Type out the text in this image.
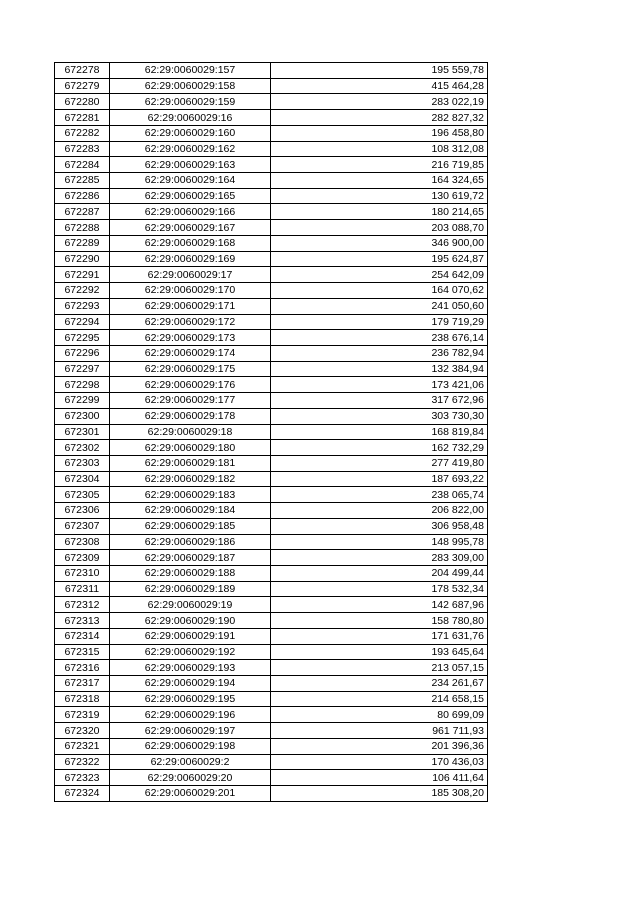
672278	62:29:0060029:157	195 559,78
672279	62:29:0060029:158	415 464,28
672280	62:29:0060029:159	283 022,19
672281	62:29:0060029:16	282 827,32
672282	62:29:0060029:160	196 458,80
672283	62:29:0060029:162	108 312,08
672284	62:29:0060029:163	216 719,85
672285	62:29:0060029:164	164 324,65
672286	62:29:0060029:165	130 619,72
672287	62:29:0060029:166	180 214,65
672288	62:29:0060029:167	203 088,70
672289	62:29:0060029:168	346 900,00
672290	62:29:0060029:169	195 624,87
672291	62:29:0060029:17	254 642,09
672292	62:29:0060029:170	164 070,62
672293	62:29:0060029:171	241 050,60
672294	62:29:0060029:172	179 719,29
672295	62:29:0060029:173	238 676,14
672296	62:29:0060029:174	236 782,94
672297	62:29:0060029:175	132 384,94
672298	62:29:0060029:176	173 421,06
672299	62:29:0060029:177	317 672,96
672300	62:29:0060029:178	303 730,30
672301	62:29:0060029:18	168 819,84
672302	62:29:0060029:180	162 732,29
672303	62:29:0060029:181	277 419,80
672304	62:29:0060029:182	187 693,22
672305	62:29:0060029:183	238 065,74
672306	62:29:0060029:184	206 822,00
672307	62:29:0060029:185	306 958,48
672308	62:29:0060029:186	148 995,78
672309	62:29:0060029:187	283 309,00
672310	62:29:0060029:188	204 499,44
672311	62:29:0060029:189	178 532,34
672312	62:29:0060029:19	142 687,96
672313	62:29:0060029:190	158 780,80
672314	62:29:0060029:191	171 631,76
672315	62:29:0060029:192	193 645,64
672316	62:29:0060029:193	213 057,15
672317	62:29:0060029:194	234 261,67
672318	62:29:0060029:195	214 658,15
672319	62:29:0060029:196	80 699,09
672320	62:29:0060029:197	961 711,93
672321	62:29:0060029:198	201 396,36
672322	62:29:0060029:2	170 436,03
672323	62:29:0060029:20	106 411,64
672324	62:29:0060029:201	185 308,20
